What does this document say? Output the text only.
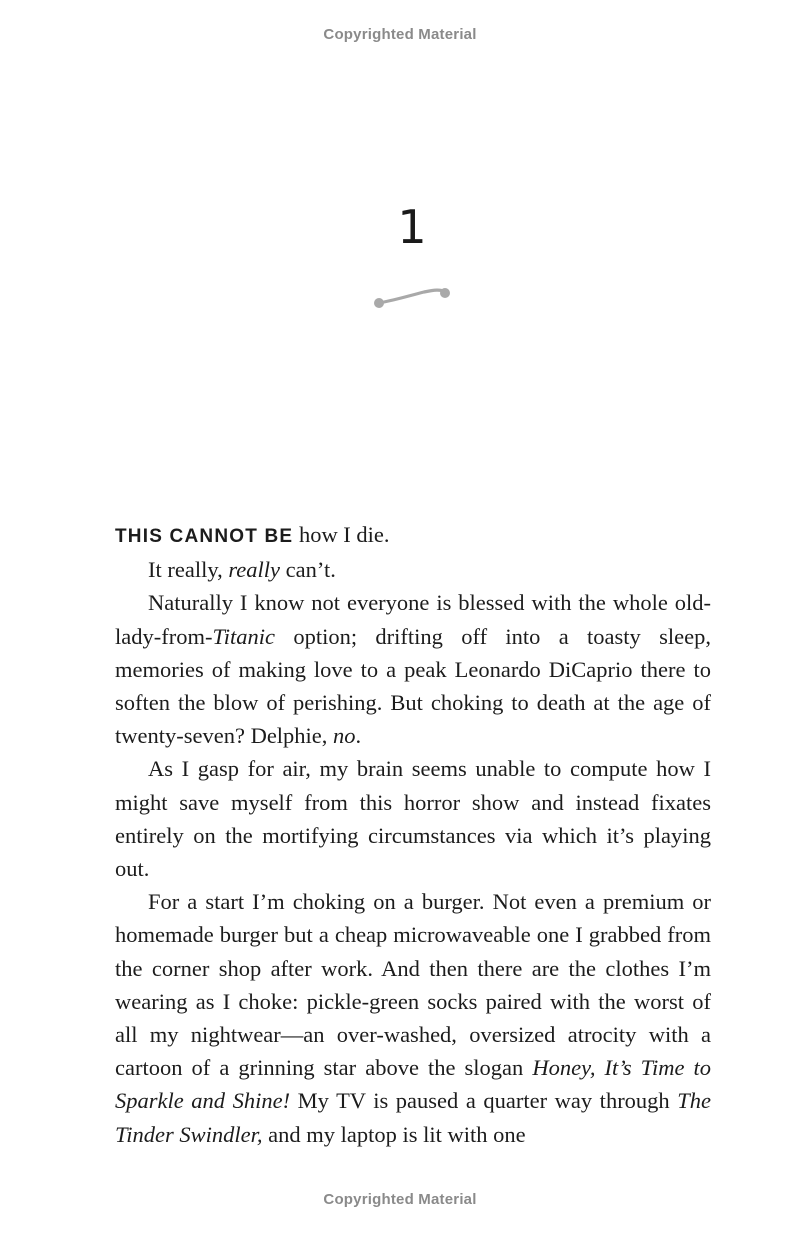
Copyrighted Material
1

THIS CANNOT BE how I die.

It really, really can’t.

Naturally I know not everyone is blessed with the whole old-lady-from-Titanic option; drifting off into a toasty sleep, memories of making love to a peak Leonardo DiCaprio there to soften the blow of perishing. But choking to death at the age of twenty-seven? Delphie, no.

As I gasp for air, my brain seems unable to compute how I might save myself from this horror show and instead fixates entirely on the mortifying circumstances via which it’s playing out.

For a start I’m choking on a burger. Not even a premium or homemade burger but a cheap microwaveable one I grabbed from the corner shop after work. And then there are the clothes I’m wearing as I choke: pickle-green socks paired with the worst of all my nightwear—an over-washed, oversized atrocity with a cartoon of a grinning star above the slogan Honey, It’s Time to Sparkle and Shine! My TV is paused a quarter way through The Tinder Swindler, and my laptop is lit with one

Copyrighted Material
